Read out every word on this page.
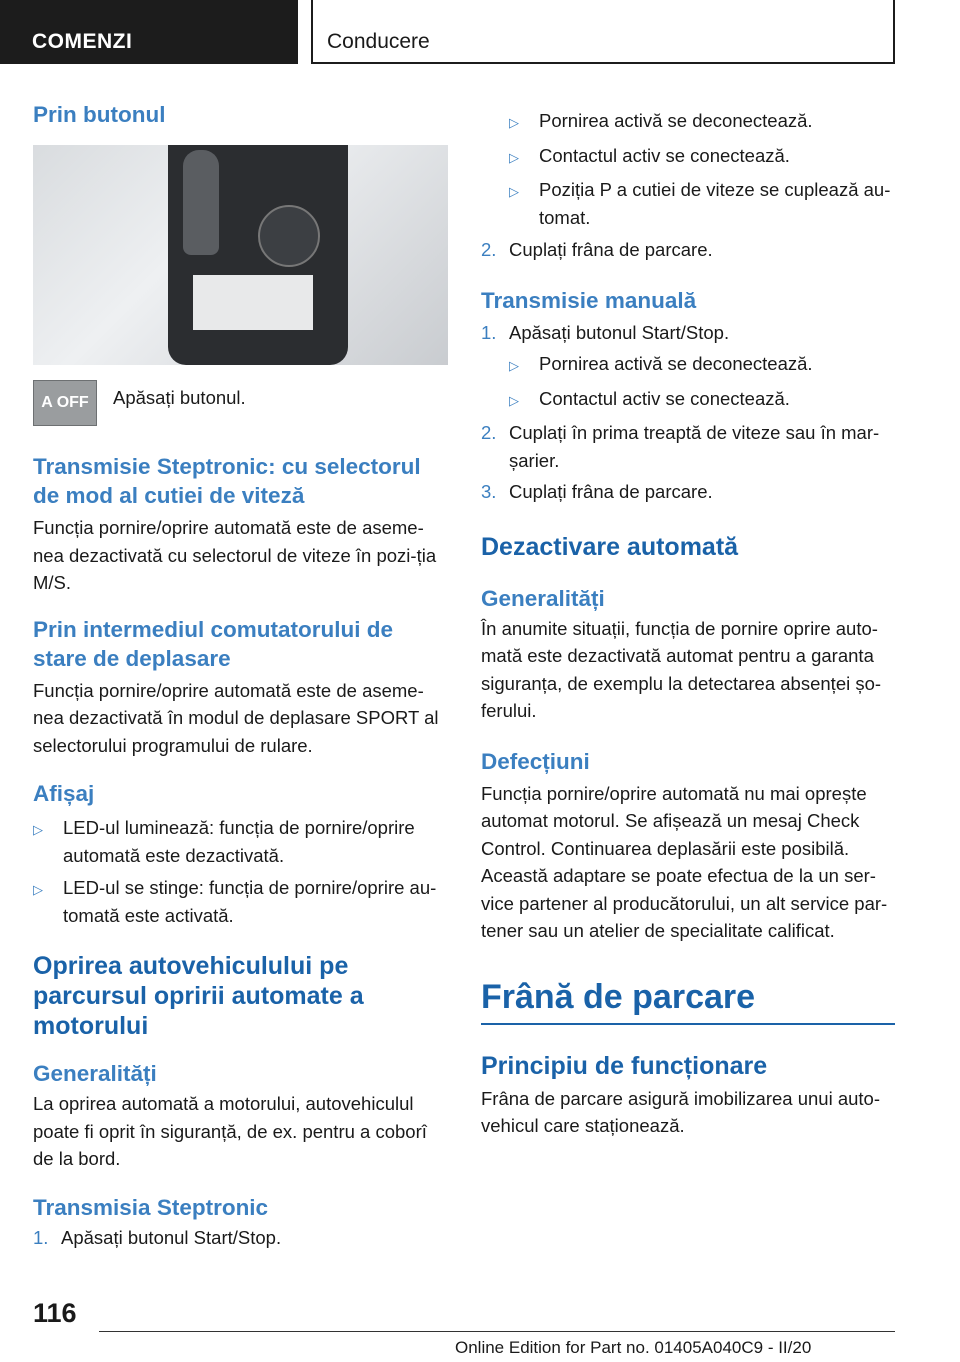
COMENZI	Conducere
Prin butonul
A OFF	Apăsați butonul.

Transmisie Steptronic: cu selectorul de mod al cutiei de viteză

Funcția pornire/oprire automată este de aseme-nea dezactivată cu selectorul de viteze în pozi-ția M/S.

Prin intermediul comutatorului de stare de deplasare

Funcția pornire/oprire automată este de aseme-nea dezactivată în modul de deplasare SPORT al selectorului programului de rulare.

Afișaj
▷	LED-ul luminează: funcția de pornire/oprire automată este dezactivată.
▷	LED-ul se stinge: funcția de pornire/oprire au-tomată este activată.
Oprirea autovehiculului pe parcursul opririi automate a motorului
Generalități

La oprirea automată a motorului, autovehiculul poate fi oprit în siguranță, de ex. pentru a coborî de la bord.

Transmisia Steptronic
1. Apăsați butonul Start/Stop.
▷	Pornirea activă se deconectează.
▷	Contactul activ se conectează.
▷	Poziția P a cutiei de viteze se cuplează au-tomat.
2. Cuplați frâna de parcare.
Transmisie manuală
1. Apăsați butonul Start/Stop.
▷	Pornirea activă se deconectează.
▷	Contactul activ se conectează.
2. Cuplați în prima treaptă de viteze sau în mar-șarier.
3. Cuplați frâna de parcare.
Dezactivare automată
Generalități

În anumite situații, funcția de pornire oprire auto-mată este dezactivată automat pentru a garanta siguranța, de exemplu la detectarea absenței șo-ferului.

Defecțiuni

Funcția pornire/oprire automată nu mai oprește automat motorul. Se afișează un mesaj Check Control. Continuarea deplasării este posibilă. Această adaptare se poate efectua de la un ser-vice partener al producătorului, un alt service par-tener sau un atelier de specialitate calificat.

Frână de parcare
Principiu de funcționare

Frâna de parcare asigură imobilizarea unui auto-vehicul care staționează.

116
Online Edition for Part no. 01405A040C9 - II/20
